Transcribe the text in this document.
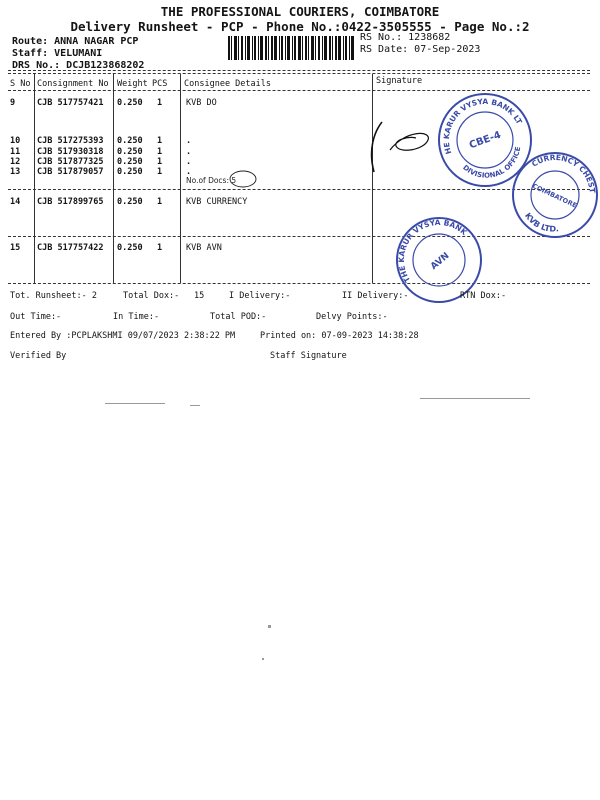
THE PROFESSIONAL COURIERS, COIMBATORE
Delivery Runsheet - PCP - Phone No.:0422-3505555 - Page No.:2
Route: ANNA NAGAR PCP
Staff: VELUMANI
DRS No.: DCJB123868202
RS No.: 1238682
RS Date: 07-Sep-2023
S No Consignment No Weight PCS Consignee Details	Signature
9	CJB 517757421 0.250 1	KVB DO
10 CJB 517275393 0.250 1	.
11 CJB 517930318 0.250 1	.
12 CJB 517877325 0.250 1	.
13 CJB 517879057 0.250 1	.
14 CJB 517899765 0.250 1	KVB CURRENCY
15 CJB 517757422 0.250 1	KVB AVN
No.of Docs: 5
THE KARUR VYSYA BANK LTD.
DIVISIONAL OFFICE
CBE-4
CURRENCY CHEST
KVB LTD.
COIMBATORE
THE KARUR VYSYA BANK
AVN
Tot. Runsheet:- 2	Total Dox:- 15	I Delivery:-	II Delivery:-	RTN Dox:-
Out Time:-	In Time:-	Total POD:-	Delvy Points:-
Entered By :PCPLAKSHMI 09/07/2023 2:38:22 PM	Printed on: 07-09-2023 14:38:28
Verified By	Staff Signature
